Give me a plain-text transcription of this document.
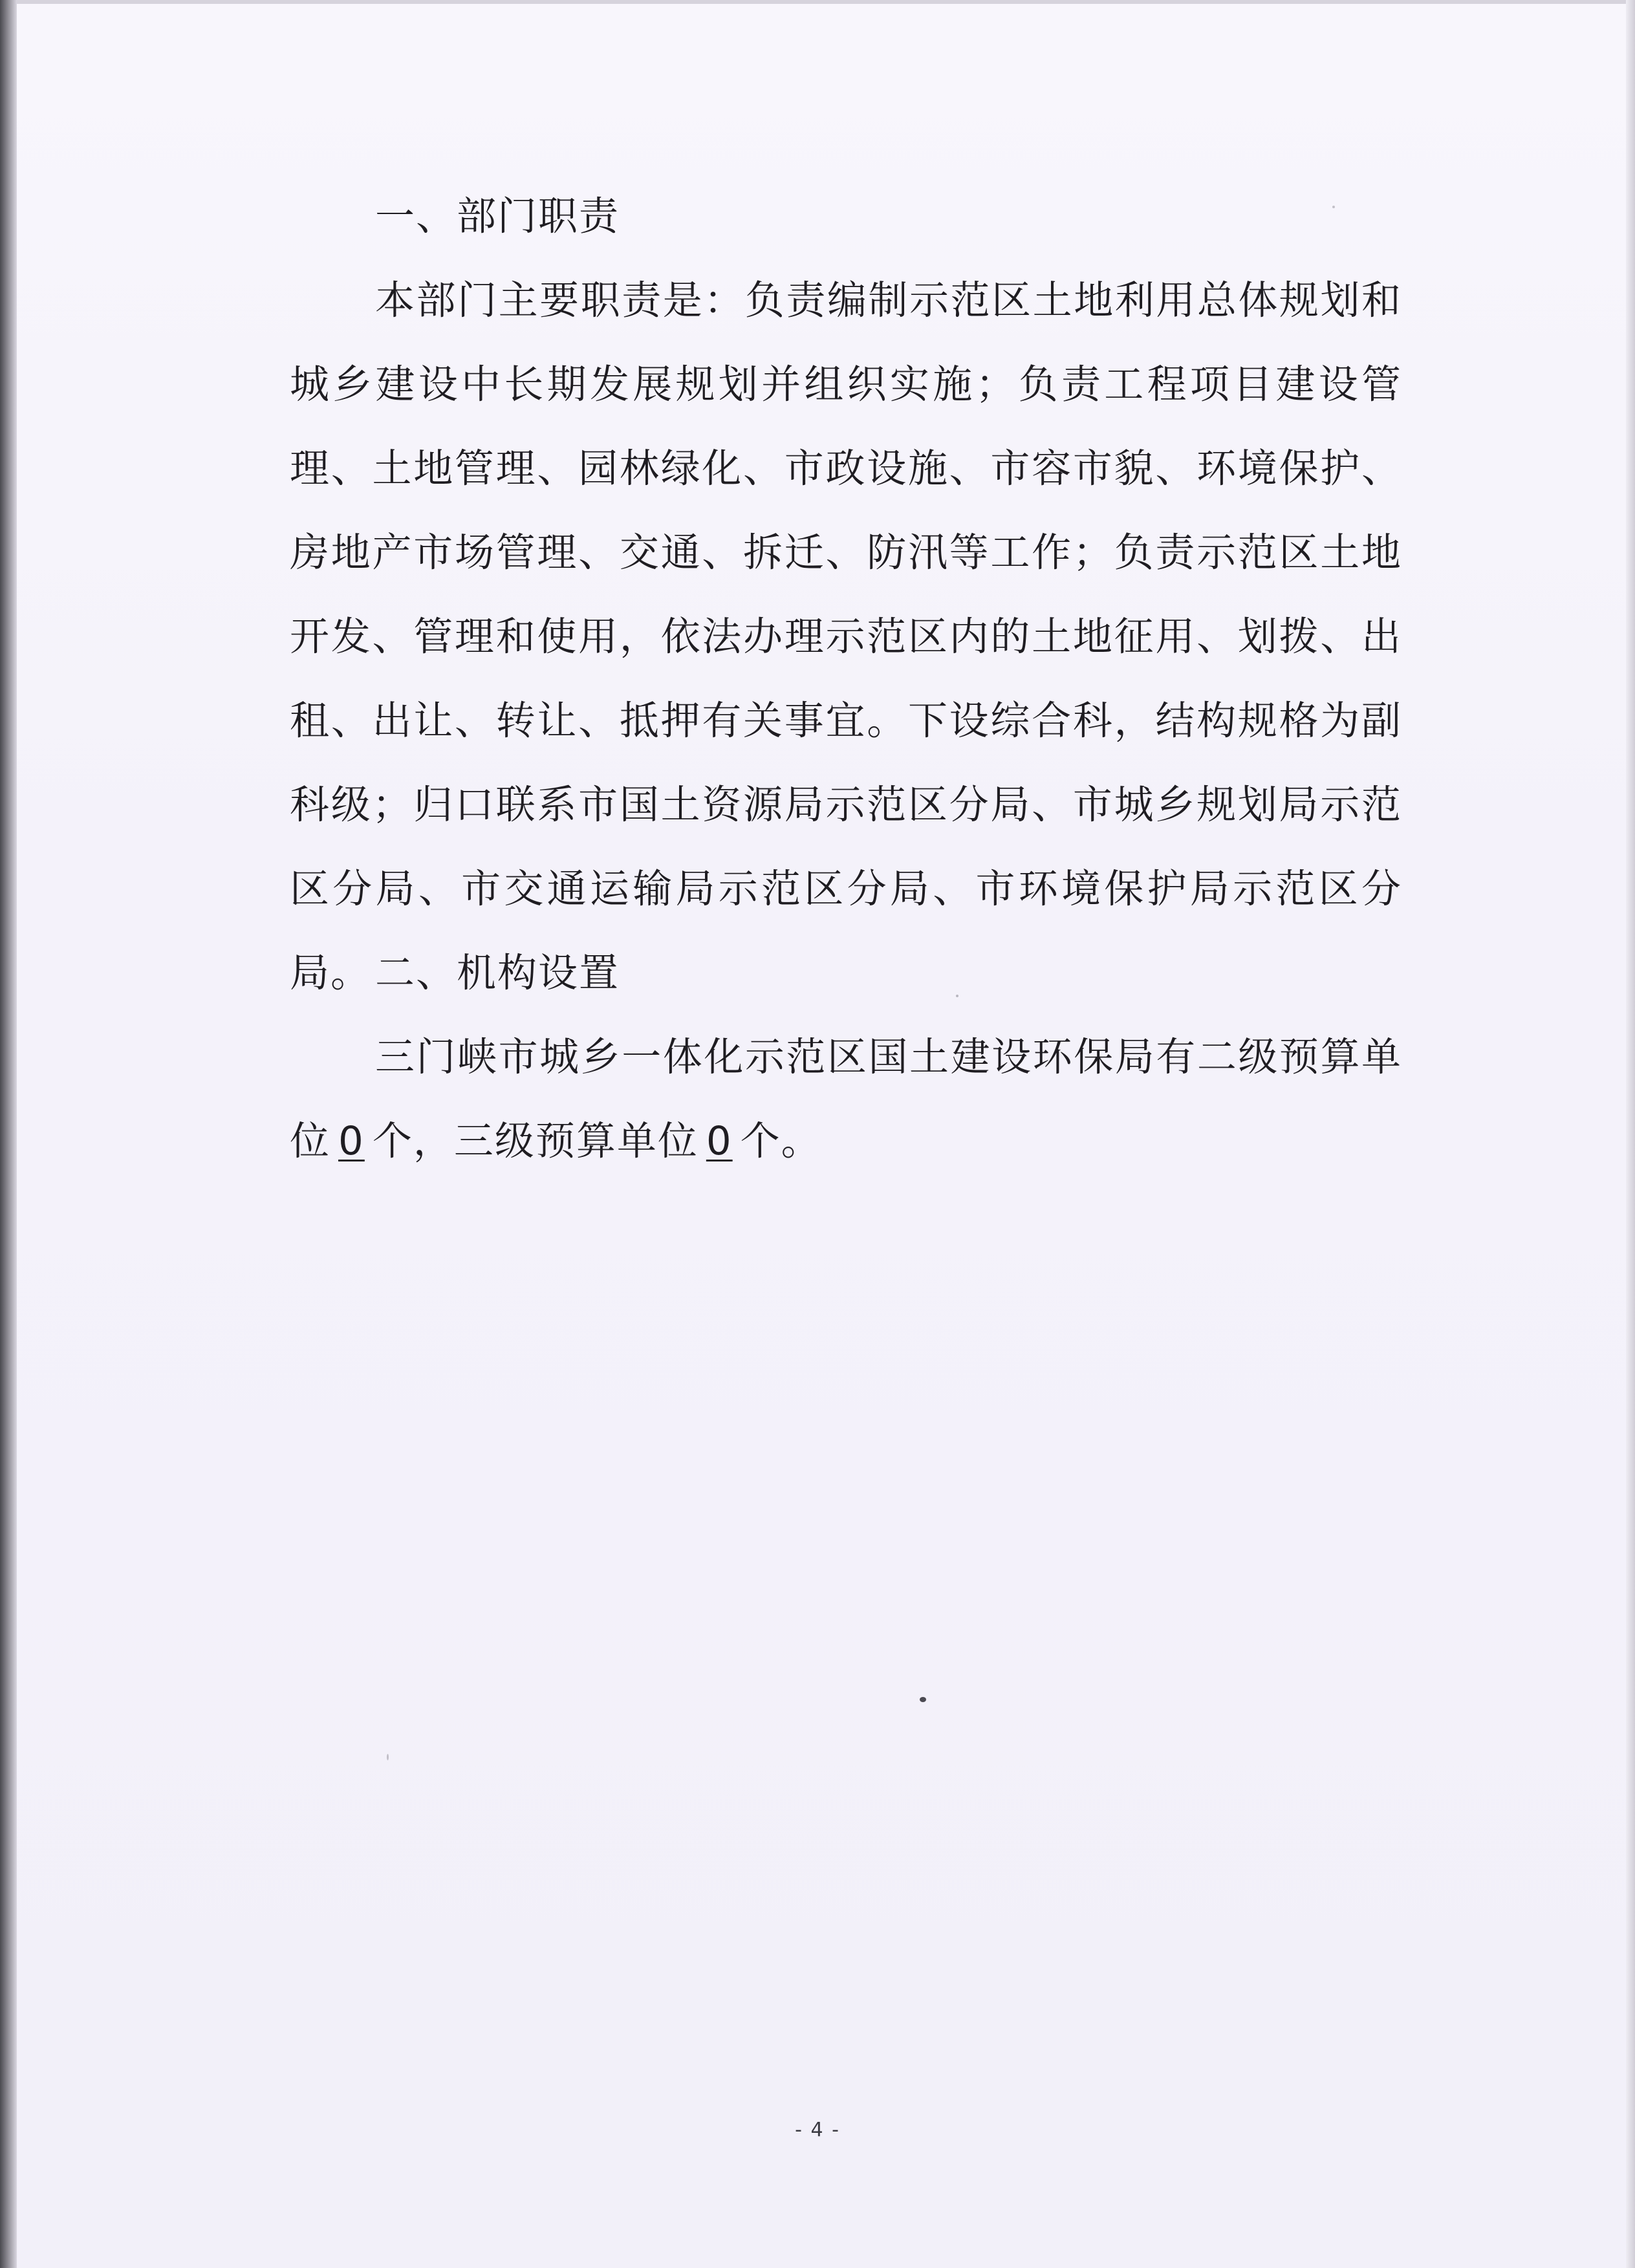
一、部门职责

本部门主要职责是：负责编制示范区土地利用总体规划和城乡建设中长期发展规划并组织实施；负责工程项目建设管理、土地管理、园林绿化、市政设施、市容市貌、环境保护、房地产市场管理、交通、拆迁、防汛等工作；负责示范区土地开发、管理和使用，依法办理示范区内的土地征用、划拨、出租、出让、转让、抵押有关事宜。下设综合科，结构规格为副科级；归口联系市国土资源局示范区分局、市城乡规划局示范区分局、市交通运输局示范区分局、市环境保护局示范区分局。 二、机构设置

三门峡市城乡一体化示范区国土建设环保局有二级预算单位 0 个，三级预算单位 0 个。

- 4 -
